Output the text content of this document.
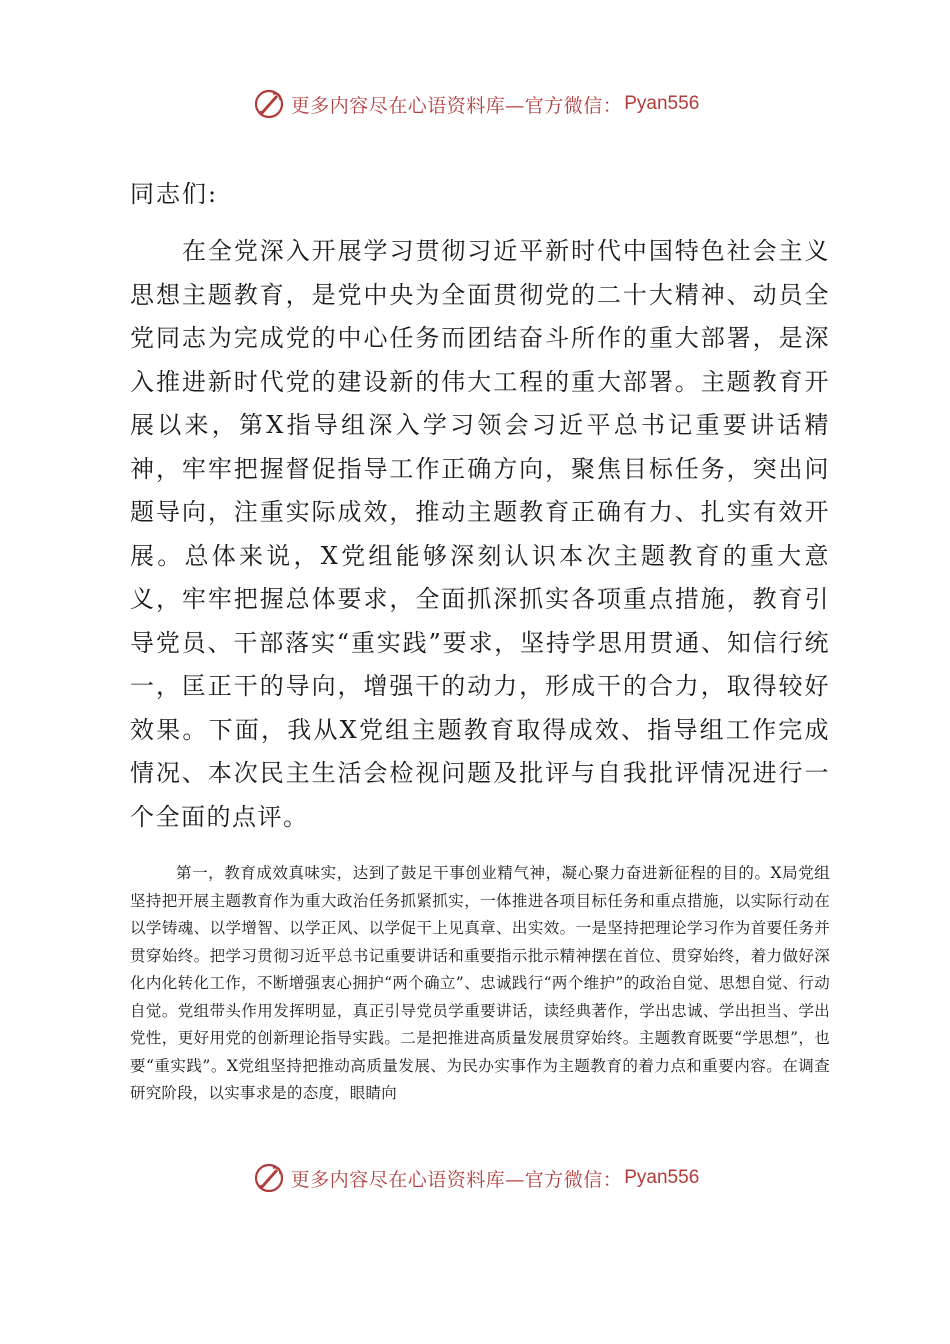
更多内容尽在心语资料库—官方微信： Pyan556
同志们:

在全党深入开展学习贯彻习近平新时代中国特色社会主义思想主题教育，是党中央为全面贯彻党的二十大精神、动员全党同志为完成党的中心任务而团结奋斗所作的重大部署，是深入推进新时代党的建设新的伟大工程的重大部署。主题教育开展以来，第X指导组深入学习领会习近平总书记重要讲话精神，牢牢把握督促指导工作正确方向，聚焦目标任务，突出问题导向，注重实际成效，推动主题教育正确有力、扎实有效开展。总体来说，X党组能够深刻认识本次主题教育的重大意义，牢牢把握总体要求，全面抓深抓实各项重点措施，教育引导党员、干部落实“重实践”要求，坚持学思用贯通、知信行统一，匡正干的导向，增强干的动力，形成干的合力，取得较好效果。下面，我从X党组主题教育取得成效、指导组工作完成情况、本次民主生活会检视问题及批评与自我批评情况进行一个全面的点评。

第一，教育成效真味实，达到了鼓足干事创业精气神，凝心聚力奋进新征程的目的。X局党组坚持把开展主题教育作为重大政治任务抓紧抓实，一体推进各项目标任务和重点措施，以实际行动在以学铸魂、以学增智、以学正风、以学促干上见真章、出实效。一是坚持把理论学习作为首要任务并贯穿始终。把学习贯彻习近平总书记重要讲话和重要指示批示精神摆在首位、贯穿始终，着力做好深化内化转化工作，不断增强衷心拥护“两个确立”、忠诚践行“两个维护”的政治自觉、思想自觉、行动自觉。党组带头作用发挥明显，真正引导党员学重要讲话，读经典著作，学出忠诚、学出担当、学出党性，更好用党的创新理论指导实践。二是把推进高质量发展贯穿始终。主题教育既要“学思想”，也要“重实践”。X党组坚持把推动高质量发展、为民办实事作为主题教育的着力点和重要内容。在调查研究阶段，以实事求是的态度，眼睛向

更多内容尽在心语资料库—官方微信： Pyan556
